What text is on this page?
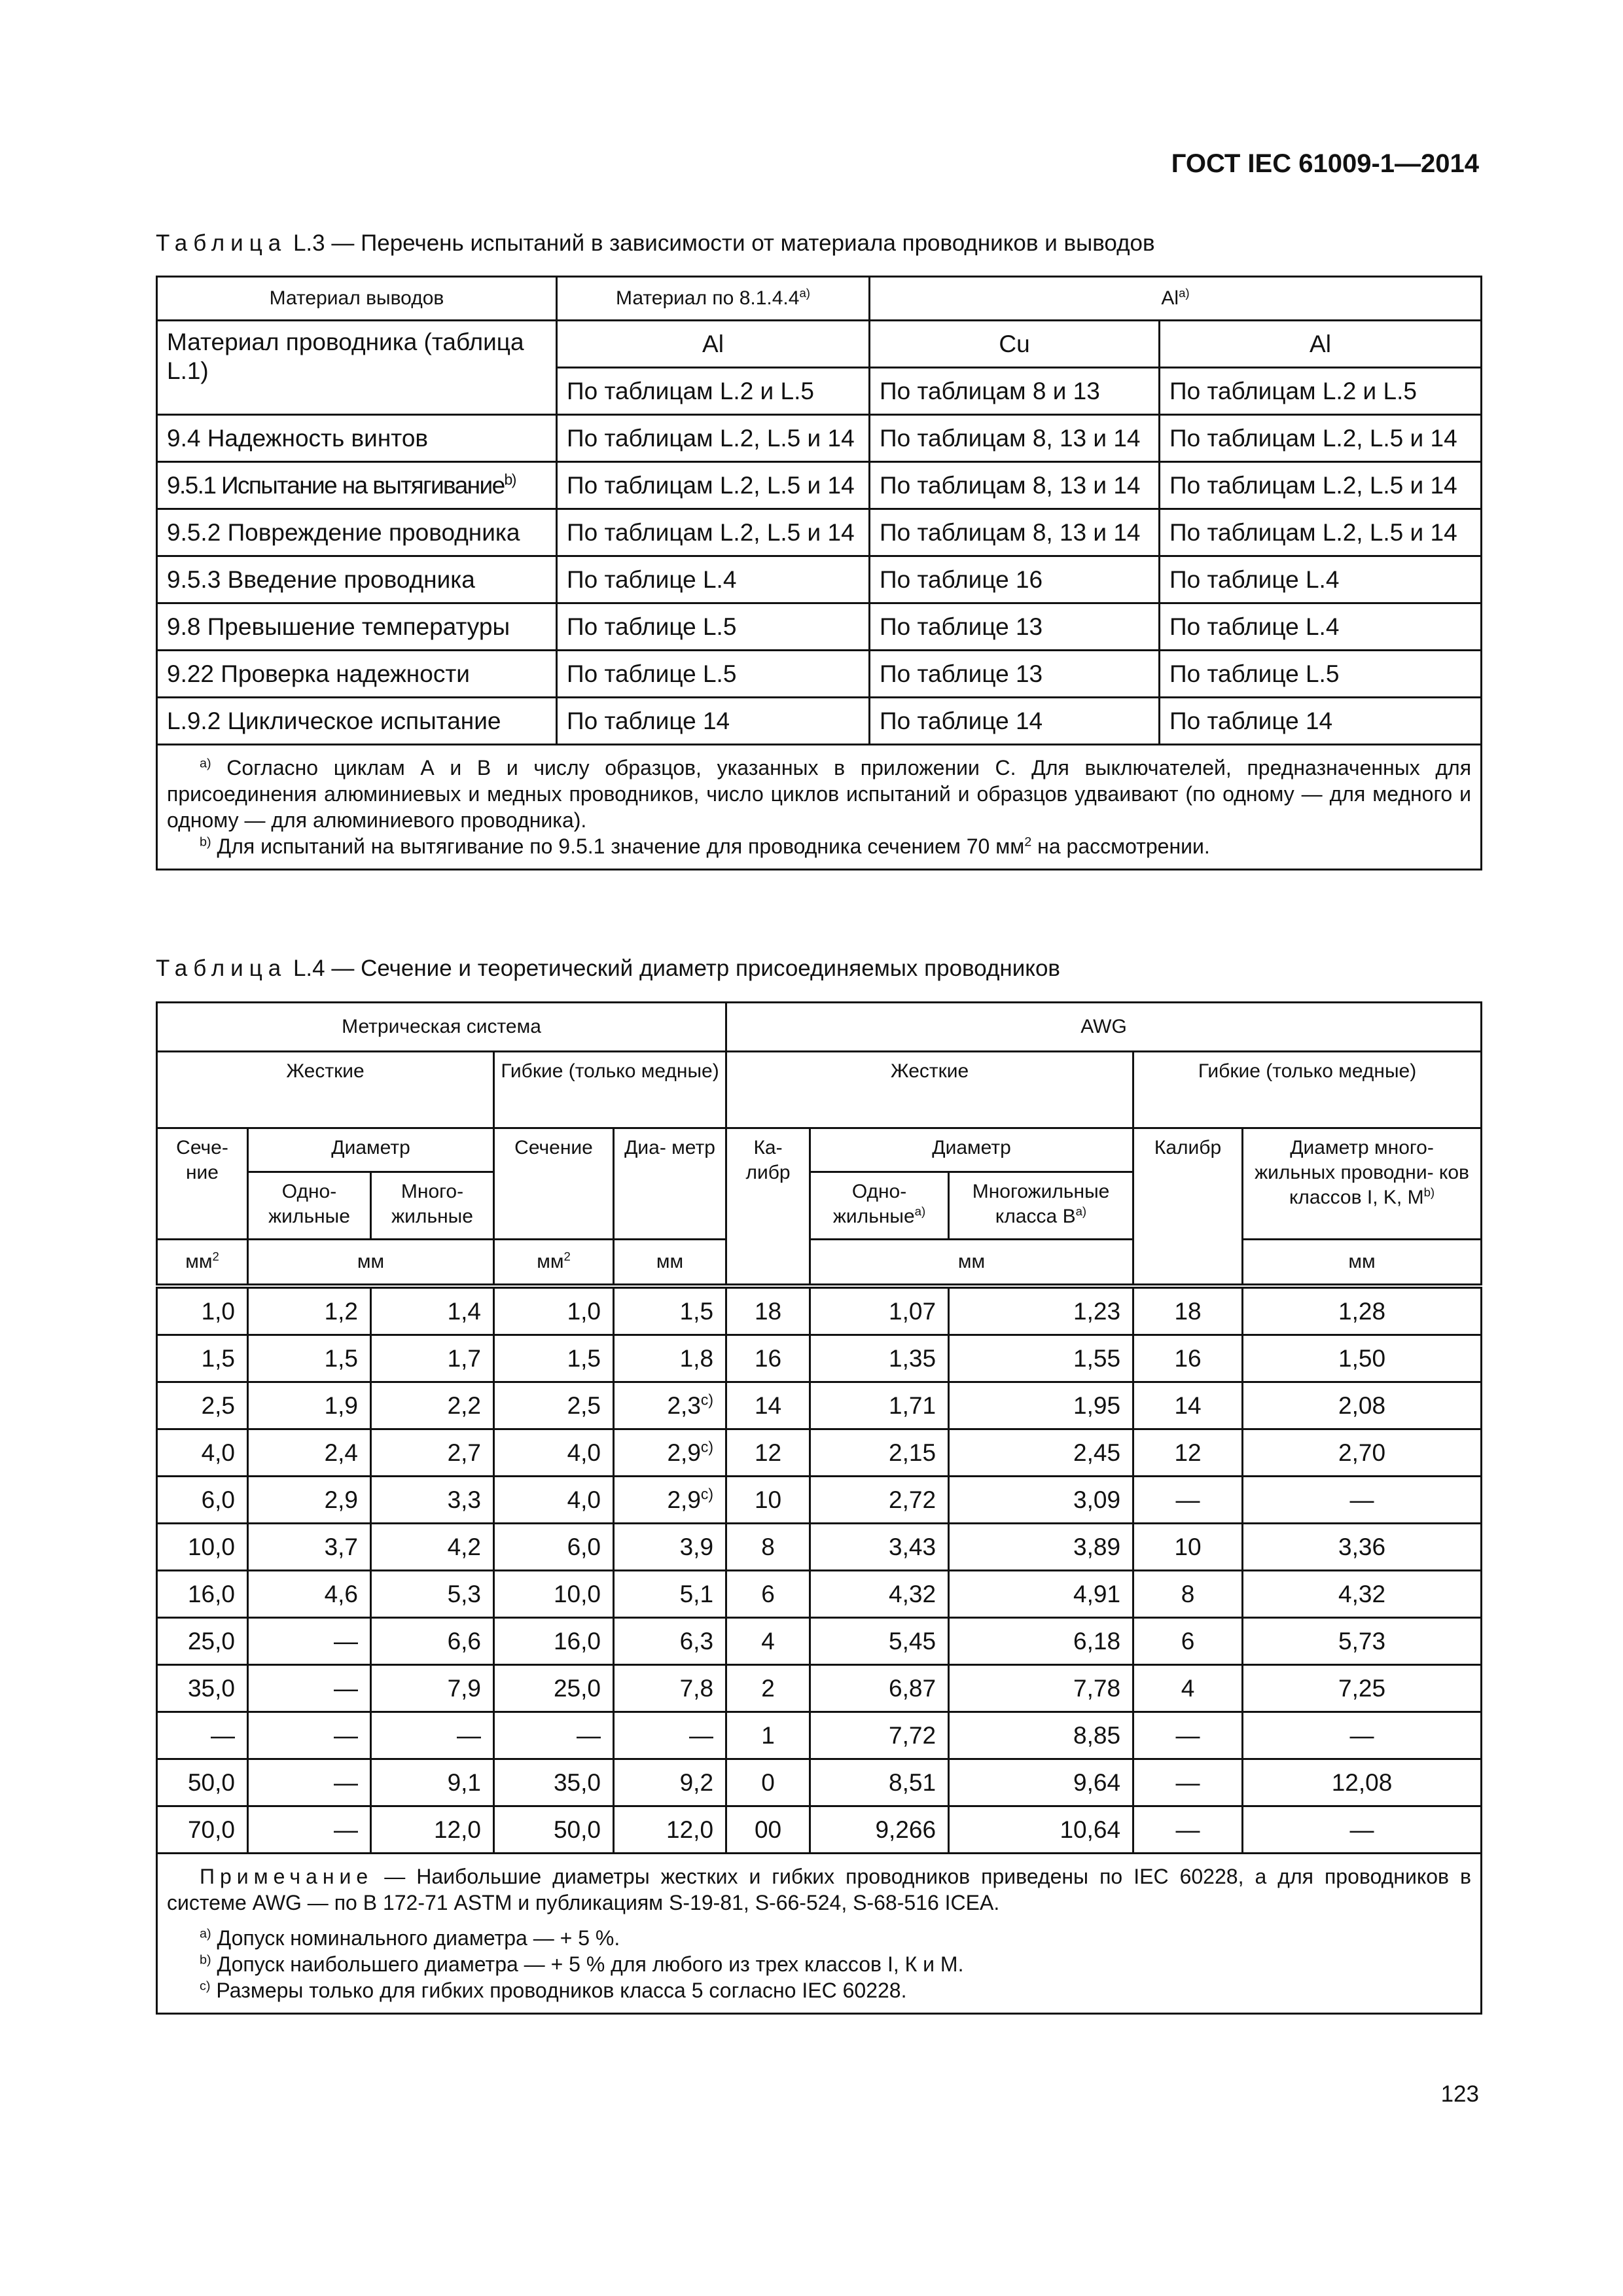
ГОСТ IEC 61009-1—2014
Таблица L.3 — Перечень испытаний в зависимости от материала проводников и выводов
Материал выводов	Материал по 8.1.4.4$^{a)}$	Al$^{a)}$
Материал проводника (таблица L.1)	Al	Cu	Al
	По таблицам L.2 и L.5	По таблицам 8 и 13	По таблицам L.2 и L.5
9.4 Надежность винтов	По таблицам L.2, L.5 и 14	По таблицам 8, 13 и 14	По таблицам L.2, L.5 и 14
9.5.1 Испытание на вытягивание$^{b)}$	По таблицам L.2, L.5 и 14	По таблицам 8, 13 и 14	По таблицам L.2, L.5 и 14
9.5.2 Повреждение проводника	По таблицам L.2, L.5 и 14	По таблицам 8, 13 и 14	По таблицам L.2, L.5 и 14
9.5.3 Введение проводника	По таблице L.4	По таблице 16	По таблице L.4
9.8 Превышение температуры	По таблице L.5	По таблице 13	По таблице L.4
9.22 Проверка надежности	По таблице L.5	По таблице 13	По таблице L.5
L.9.2 Циклическое испытание	По таблице 14	По таблице 14	По таблице 14

$^{a)}$ Согласно циклам А и В и числу образцов, указанных в приложении С. Для выключателей, предназначенных для присоединения алюминиевых и медных проводников, число циклов испытаний и образцов удваивают (по одному — для медного и одному — для алюминиевого проводника).
$^{b)}$ Для испытаний на вытягивание по 9.5.1 значение для проводника сечением 70 $мм^2$ на рассмотрении.			
Таблица L.4 — Сечение и теоретический диаметр присоединяемых проводников
Метрическая система					AWG				
Жесткие			Гибкие (только медные)		Жесткие			Гибкие (только медные)	
Сече- ние	Диаметр		Сечение	Диа- метр	Ка- либр	Диаметр		Калибр	Диаметр много- жильных проводни- ков классов I, K, $M^{b)}$
	Одно- жильные	Много- жильные				Одно- жильные$^{a)}$	Многожильные класса $В^{a)}$
$мм^2$	мм		$мм^2$	мм		мм			мм
1,0	1,2	1,4	1,0	1,5	18	1,07	1,23	18	1,28
1,5	1,5	1,7	1,5	1,8	16	1,35	1,55	16	1,50
2,5	1,9	2,2	2,5	2,3$^{c)}$	14	1,71	1,95	14	2,08
4,0	2,4	2,7	4,0	2,9$^{c)}$	12	2,15	2,45	12	2,70
6,0	2,9	3,3	4,0	2,9$^{c)}$	10	2,72	3,09	—	—
10,0	3,7	4,2	6,0	3,9	8	3,43	3,89	10	3,36
16,0	4,6	5,3	10,0	5,1	6	4,32	4,91	8	4,32
25,0	—	6,6	16,0	6,3	4	5,45	6,18	6	5,73
35,0	—	7,9	25,0	7,8	2	6,87	7,78	4	7,25
—	—	—	—	—	1	7,72	8,85	—	—
50,0	—	9,1	35,0	9,2	0	8,51	9,64	—	12,08
70,0	—	12,0	50,0	12,0	00	9,266	10,64	—	—

Примечание — Наибольшие диаметры жестких и гибких проводников приведены по IEC 60228, а для проводников в системе AWG — по В 172-71 ASTM и публикациям S-19-81, S-66-524, S-68-516 ICEA.

$^{a)}$ Допуск номинального диаметра — + 5 %.

$^{b)}$ Допуск наибольшего диаметра — + 5 % для любого из трех классов I, К и М.

$^{c)}$ Размеры только для гибких проводников класса 5 согласно IEC 60228.									

123
